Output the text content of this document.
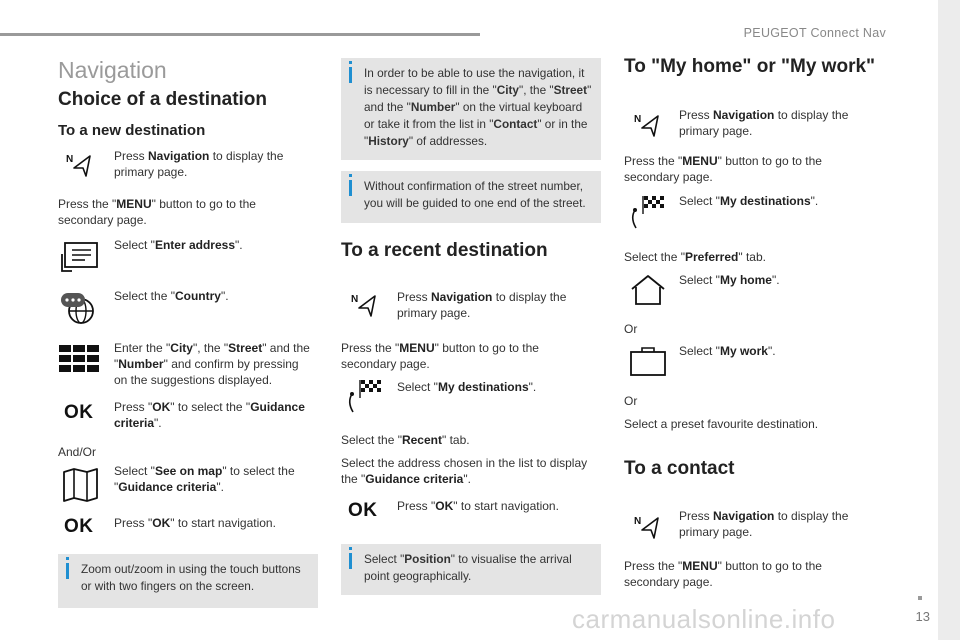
PEUGEOT Connect Nav
13
carmanualsonline.info
Navigation
Choice of a destination
To a new destination
N	Press Navigation to display the primary page.
Press the "MENU" button to go to the secondary page.
Select "Enter address".
Select the "Country".
Enter the "City", the "Street" and the "Number" and confirm by pressing on the suggestions displayed.
OK Press "OK" to select the "Guidance criteria".
And/Or
Select "See on map" to select the "Guidance criteria".
OK Press "OK" to start navigation.
Zoom out/zoom in using the touch buttons or with two fingers on the screen.
In order to be able to use the navigation, it is necessary to fill in the "City", the "Street" and the "Number" on the virtual keyboard or take it from the list in "Contact" or in the "History" of addresses.
Without confirmation of the street number, you will be guided to one end of the street.
To a recent destination
N	Press Navigation to display the primary page.
Press the "MENU" button to go to the secondary page.
Select "My destinations".
Select the "Recent" tab.
Select the address chosen in the list to display the "Guidance criteria".
OK Press "OK" to start navigation.
Select "Position" to visualise the arrival point geographically.
To "My home" or "My work"
N	Press Navigation to display the primary page.
Press the "MENU" button to go to the secondary page.
Select "My destinations".
Select the "Preferred" tab.
Select "My home".
Or
Select "My work".
Or
Select a preset favourite destination.
To a contact
N	Press Navigation to display the primary page.
Press the "MENU" button to go to the secondary page.
